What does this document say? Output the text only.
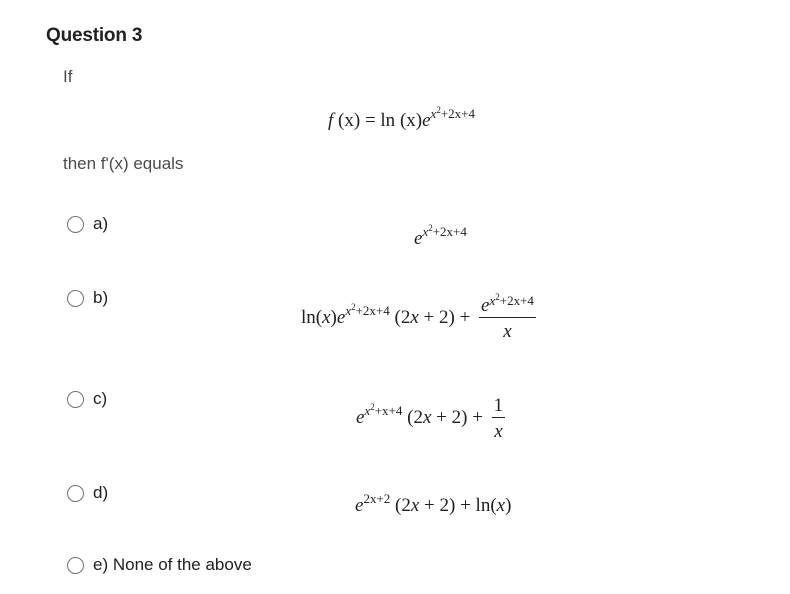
Question 3
If
f $(x) = \ln (x)e^{x^2+2x+4}$
then f'(x) equals
a)
$e^{x^2+2x+4}$
b)
$\ln(x)e^{x^2+2x+4}$ $(2x + 2) + \frac{e^{x^2+2x+4}}{x}$
c)
$e^{x^2+x+4}$ $(2x + 2) + \frac{1}{x}$
d)
$e^{2x+2}$ (2x + 2) + ln(x)
e) None of the above
